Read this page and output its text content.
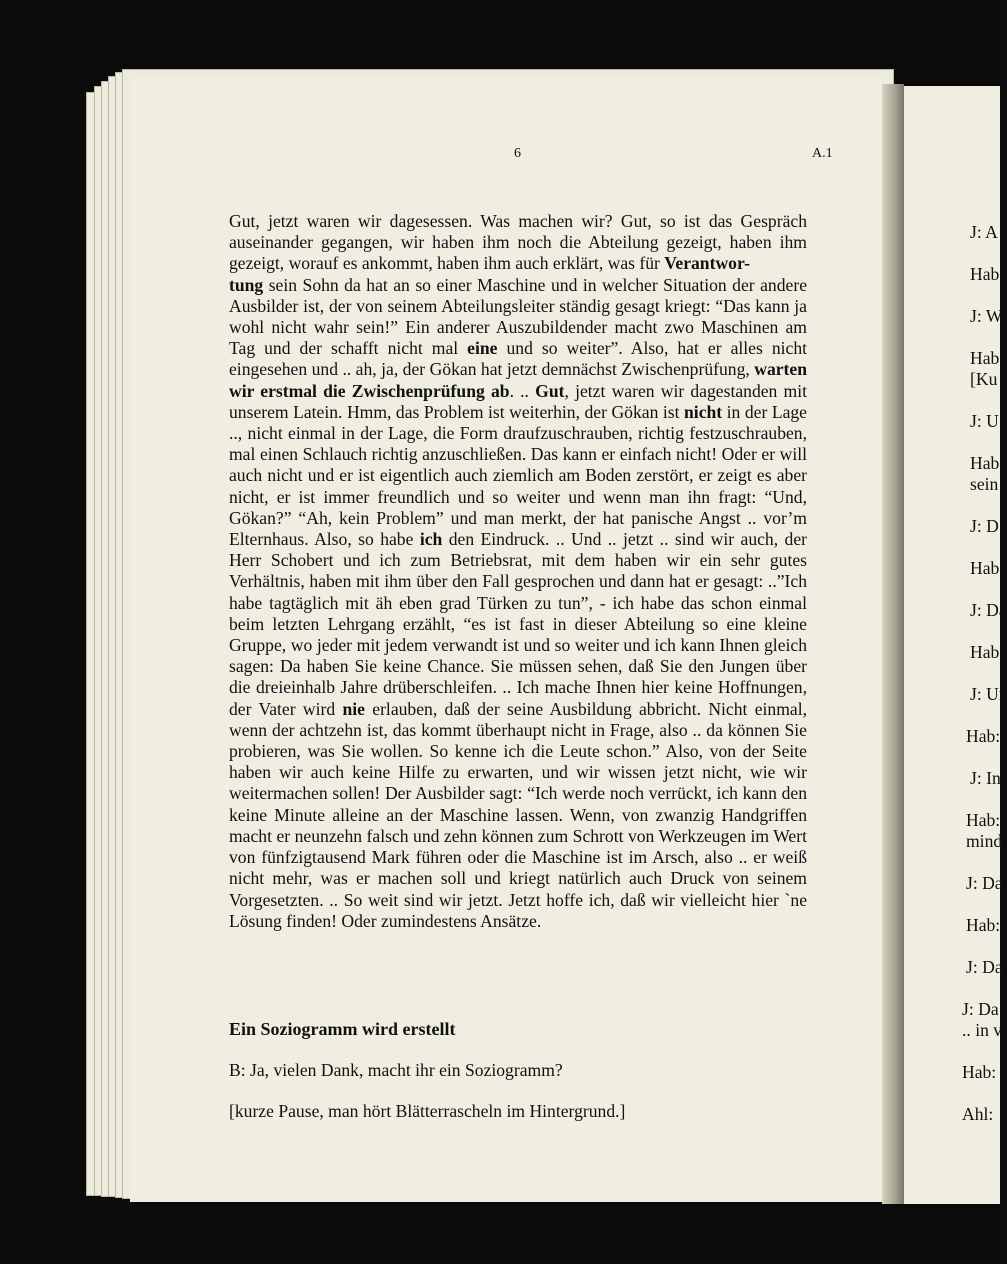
J: A
Hab
J: W
Hab
[Ku
J: U
Hab
sein
J: D
Hab
J: Da
Hab
J: Ur
Hab:
J: In
Hab:
mind
J: Da
Hab:
J: Da
J: Da
.. in v
Hab:
Ahl:
6	A.1

Gut, jetzt waren wir dagesessen. Was machen wir? Gut, so ist das Gespräch auseinander gegangen, wir haben ihm noch die Abteilung gezeigt, haben ihm gezeigt, worauf es ankommt, haben ihm auch erklärt, was für Verantwor-
tung sein Sohn da hat an so einer Maschine und in welcher Situation der andere Ausbilder ist, der von seinem Abteilungsleiter ständig gesagt kriegt: “Das kann ja wohl nicht wahr sein!” Ein anderer Auszubildender macht zwo Maschinen am Tag und der schafft nicht mal eine und so weiter”. Also, hat er alles nicht eingesehen und .. ah, ja, der Gökan hat jetzt demnächst Zwischenprüfung, warten wir erstmal die Zwischenprüfung ab. .. Gut, jetzt waren wir dagestanden mit unserem Latein. Hmm, das Problem ist weiterhin, der Gökan ist nicht in der Lage .., nicht einmal in der Lage, die Form draufzuschrauben, richtig festzuschrauben, mal einen Schlauch richtig anzuschließen. Das kann er einfach nicht! Oder er will auch nicht und er ist eigentlich auch ziemlich am Boden zerstört, er zeigt es aber nicht, er ist immer freundlich und so weiter und wenn man ihn fragt: “Und, Gökan?” “Ah, kein Problem” und man merkt, der hat panische Angst .. vor’m Elternhaus. Also, so habe ich den Eindruck. .. Und .. jetzt .. sind wir auch, der Herr Schobert und ich zum Betriebsrat, mit dem haben wir ein sehr gutes Verhältnis, haben mit ihm über den Fall gesprochen und dann hat er gesagt: ..”Ich habe tagtäglich mit äh eben grad Türken zu tun”, - ich habe das schon einmal beim letzten Lehrgang erzählt, “es ist fast in dieser Abteilung so eine kleine Gruppe, wo jeder mit jedem verwandt ist und so weiter und ich kann Ihnen gleich sagen: Da haben Sie keine Chance. Sie müssen sehen, daß Sie den Jungen über die dreieinhalb Jahre drüberschleifen. .. Ich mache Ihnen hier keine Hoffnungen, der Vater wird nie erlauben, daß der seine Ausbildung abbricht. Nicht einmal, wenn der achtzehn ist, das kommt überhaupt nicht in Frage, also .. da können Sie probieren, was Sie wollen. So kenne ich die Leute schon.” Also, von der Seite haben wir auch keine Hilfe zu erwarten, und wir wissen jetzt nicht, wie wir weitermachen sollen! Der Ausbilder sagt: “Ich werde noch verrückt, ich kann den keine Minute alleine an der Maschine lassen. Wenn, von zwanzig Handgriffen macht er neunzehn falsch und zehn können zum Schrott von Werkzeugen im Wert von fünfzigtausend Mark führen oder die Maschine ist im Arsch, also .. er weiß nicht mehr, was er machen soll und kriegt natürlich auch Druck von seinem Vorgesetzten. .. So weit sind wir jetzt. Jetzt hoffe ich, daß wir vielleicht hier `ne Lösung finden! Oder zumindestens Ansätze.

Ein Soziogramm wird erstellt

B: Ja, vielen Dank, macht ihr ein Soziogramm?

[kurze Pause, man hört Blätterrascheln im Hintergrund.]
